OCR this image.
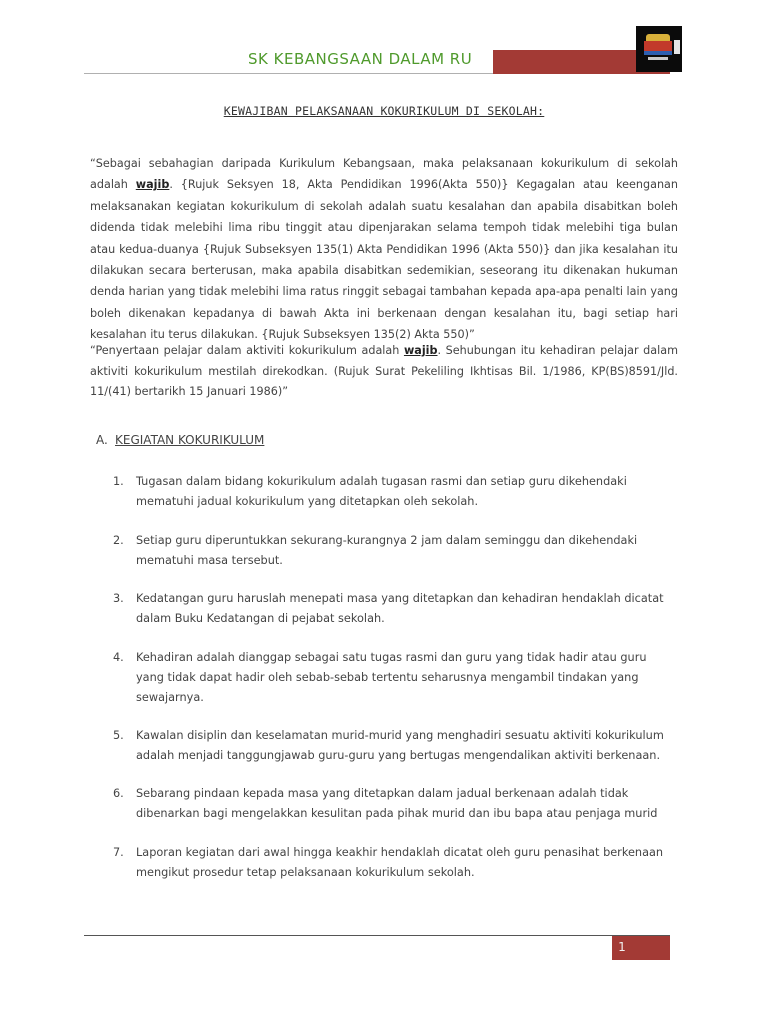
SK KEBANGSAAN DALAM RU
KEWAJIBAN PELAKSANAAN KOKURIKULUM DI SEKOLAH:
“Sebagai sebahagian daripada Kurikulum Kebangsaan, maka pelaksanaan kokurikulum di sekolah adalah wajib. {Rujuk Seksyen 18, Akta Pendidikan 1996(Akta 550)} Kegagalan atau keenganan melaksanakan kegiatan kokurikulum di sekolah adalah suatu kesalahan dan apabila disabitkan boleh didenda tidak melebihi lima ribu tinggit atau dipenjarakan selama tempoh tidak melebihi tiga bulan atau kedua-duanya {Rujuk Subseksyen 135(1) Akta Pendidikan 1996 (Akta 550)} dan jika kesalahan itu dilakukan secara berterusan, maka apabila disabitkan sedemikian, seseorang itu dikenakan hukuman denda harian yang tidak melebihi lima ratus ringgit sebagai tambahan kepada apa-apa penalti lain yang boleh dikenakan kepadanya di bawah Akta ini berkenaan dengan kesalahan itu, bagi setiap hari kesalahan itu terus dilakukan. {Rujuk Subseksyen 135(2) Akta 550)”
“Penyertaan pelajar dalam aktiviti kokurikulum adalah wajib. Sehubungan itu kehadiran pelajar dalam aktiviti kokurikulum mestilah direkodkan. (Rujuk Surat Pekeliling Ikhtisas Bil. 1/1986, KP(BS)8591/Jld. 11/(41) bertarikh 15 Januari 1986)”
A. KEGIATAN KOKURIKULUM
1.	Tugasan dalam bidang kokurikulum adalah tugasan rasmi dan setiap guru dikehendaki mematuhi jadual kokurikulum yang ditetapkan oleh sekolah.
2.	Setiap guru diperuntukkan sekurang-kurangnya 2 jam dalam seminggu dan dikehendaki mematuhi masa tersebut.
3.	Kedatangan guru haruslah menepati masa yang ditetapkan dan kehadiran hendaklah dicatat dalam Buku Kedatangan di pejabat sekolah.
4.	Kehadiran adalah dianggap sebagai satu tugas rasmi dan guru yang tidak hadir atau guru yang tidak dapat hadir oleh sebab-sebab tertentu seharusnya mengambil tindakan yang sewajarnya.
5.	Kawalan disiplin dan keselamatan murid-murid yang menghadiri sesuatu aktiviti kokurikulum adalah menjadi tanggungjawab guru-guru yang bertugas mengendalikan aktiviti berkenaan.
6.	Sebarang pindaan kepada masa yang ditetapkan dalam jadual berkenaan adalah tidak dibenarkan bagi mengelakkan kesulitan pada pihak murid dan ibu bapa atau penjaga murid
7.	Laporan kegiatan dari awal hingga keakhir hendaklah dicatat oleh guru penasihat berkenaan mengikut prosedur tetap pelaksanaan kokurikulum sekolah.
1
